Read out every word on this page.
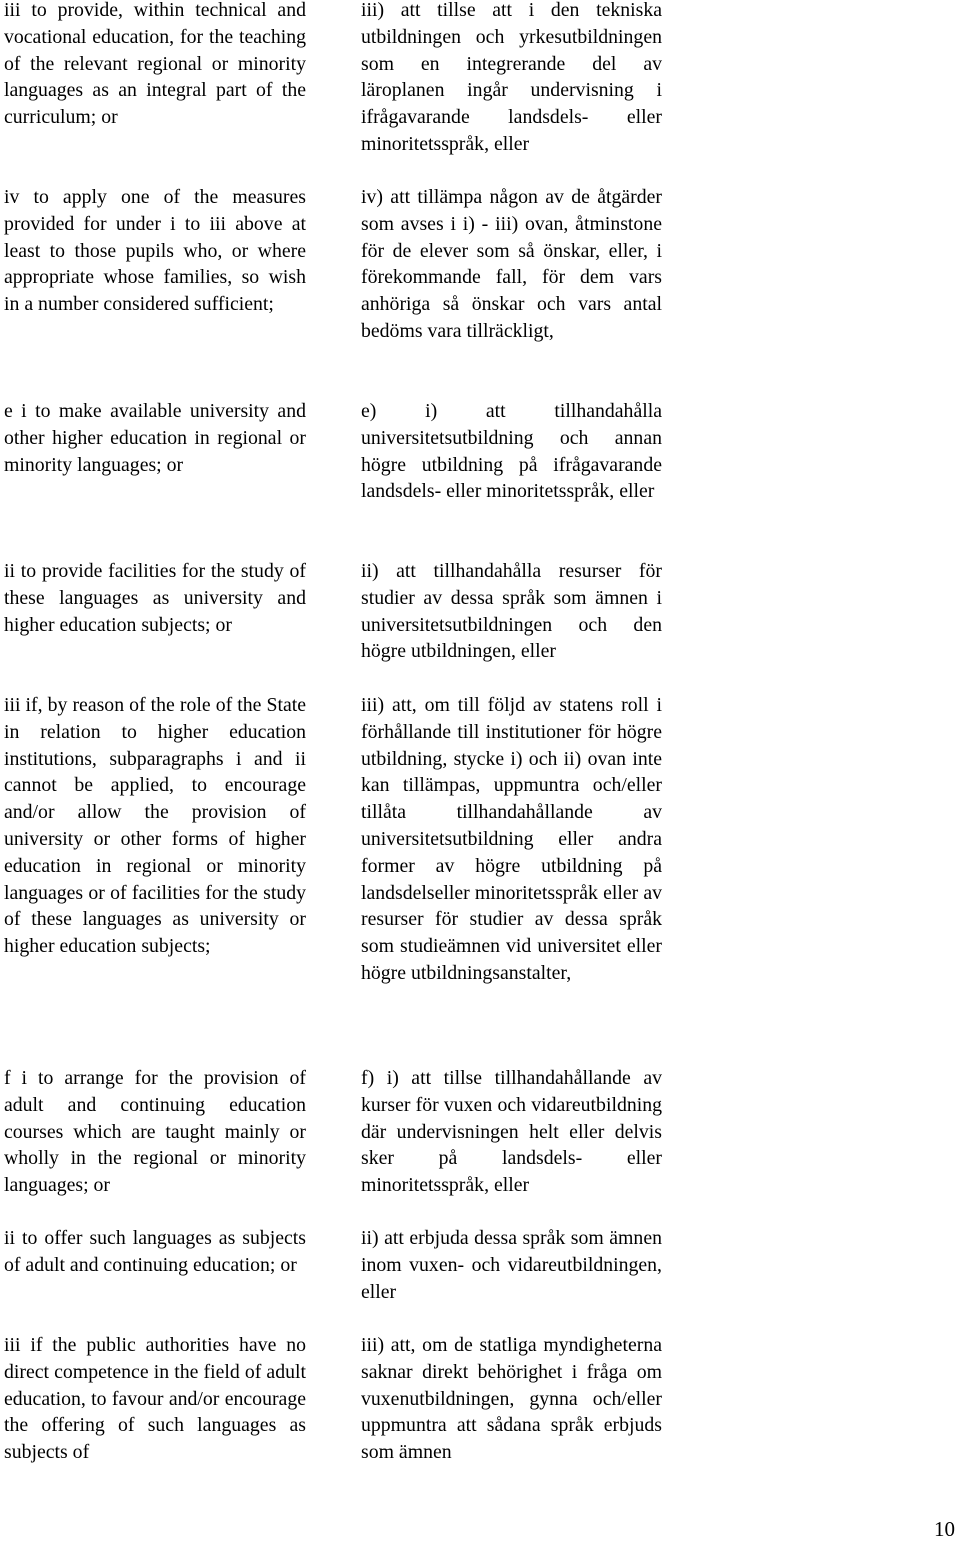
iii to provide, within technical and vocational education, for the teaching of the relevant regional or minority languages as an integral part of the curriculum; or
iv to apply one of the measures provided for under i to iii above at least to those pupils who, or where appropriate whose families, so wish in a number considered sufficient;
e i to make available university and other higher education in regional or minority languages; or
ii to provide facilities for the study of these languages as university and higher education subjects; or
iii if, by reason of the role of the State in relation to higher education institutions, subparagraphs i and ii cannot be applied, to encourage and/or allow the provision of university or other forms of higher education in regional or minority languages or of facilities for the study of these languages as university or higher education subjects;
f i to arrange for the provision of adult and continuing education courses which are taught mainly or wholly in the regional or minority languages; or
ii to offer such languages as subjects of adult and continuing education; or
iii if the public authorities have no direct competence in the field of adult education, to favour and/or encourage the offering of such languages as subjects of
iii) att tillse att i den tekniska utbildningen och yrkesutbildningen som en integrerande del av läroplanen ingår undervisning i ifrågavarande landsdels- eller minoritetsspråk, eller
iv) att tillämpa någon av de åtgärder som avses i i) - iii) ovan, åtminstone för de elever som så önskar, eller, i förekommande fall, för dem vars anhöriga så önskar och vars antal bedöms vara tillräckligt,
e) i) att tillhandahålla universitetsutbildning och annan högre utbildning på ifrågavarande landsdels- eller minoritetsspråk, eller
ii) att tillhandahålla resurser för studier av dessa språk som ämnen i universitetsutbildningen och den högre utbildningen, eller
iii) att, om till följd av statens roll i förhållande till institutioner för högre utbildning, stycke i) och ii) ovan inte kan tillämpas, uppmuntra och/eller tillåta tillhandahållande av universitetsutbildning eller andra former av högre utbildning på landsdelseller minoritetsspråk eller av resurser för studier av dessa språk som studieämnen vid universitet eller högre utbildningsanstalter,
f) i) att tillse tillhandahållande av kurser för vuxen och vidareutbildning där undervisningen helt eller delvis sker på landsdels- eller minoritetsspråk, eller
ii) att erbjuda dessa språk som ämnen inom vuxen- och vidareutbildningen, eller
iii) att, om de statliga myndigheterna saknar direkt behörighet i fråga om vuxenutbildningen, gynna och/eller uppmuntra att sådana språk erbjuds som ämnen
10
